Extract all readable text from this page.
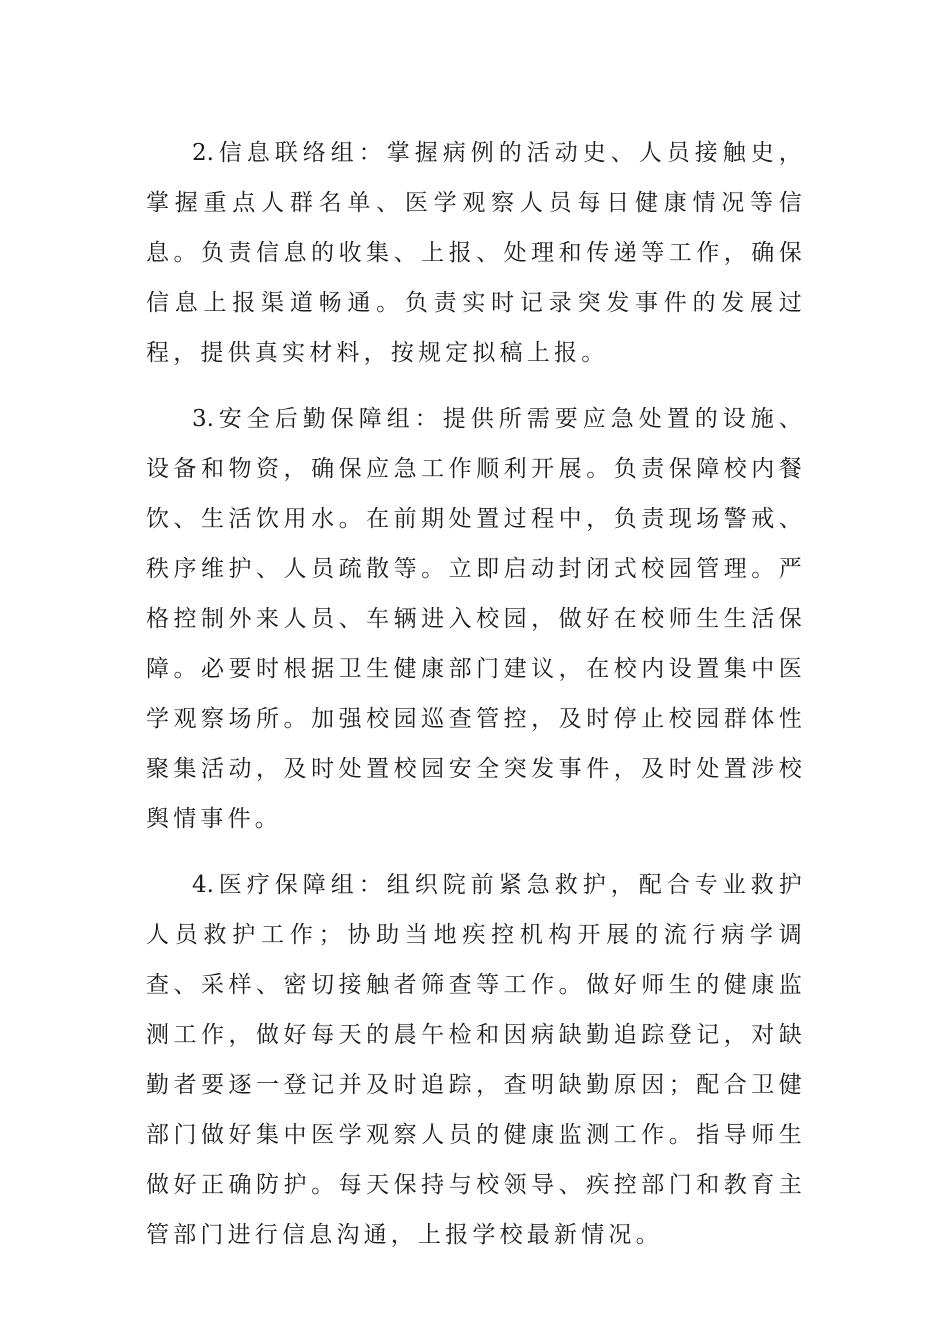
2. 信息联络组：掌握病例的活动史、人员接触史，掌握重点人群名单、医学观察人员每日健康情况等信息。负责信息的收集、上报、处理和传递等工作，确保信息上报渠道畅通。负责实时记录突发事件的发展过程，提供真实材料，按规定拟稿上报。

3. 安全后勤保障组：提供所需要应急处置的设施、设备和物资，确保应急工作顺利开展。负责保障校内餐饮、生活饮用水。在前期处置过程中，负责现场警戒、秩序维护、人员疏散等。立即启动封闭式校园管理。严格控制外来人员、车辆进入校园，做好在校师生生活保障。必要时根据卫生健康部门建议，在校内设置集中医学观察场所。加强校园巡查管控，及时停止校园群体性聚集活动，及时处置校园安全突发事件，及时处置涉校舆情事件。

4. 医疗保障组：组织院前紧急救护，配合专业救护人员救护工作；协助当地疾控机构开展的流行病学调查、采样、密切接触者筛查等工作。做好师生的健康监测工作，做好每天的晨午检和因病缺勤追踪登记，对缺勤者要逐一登记并及时追踪，查明缺勤原因；配合卫健部门做好集中医学观察人员的健康监测工作。指导师生做好正确防护。每天保持与校领导、疾控部门和教育主管部门进行信息沟通，上报学校最新情况。
